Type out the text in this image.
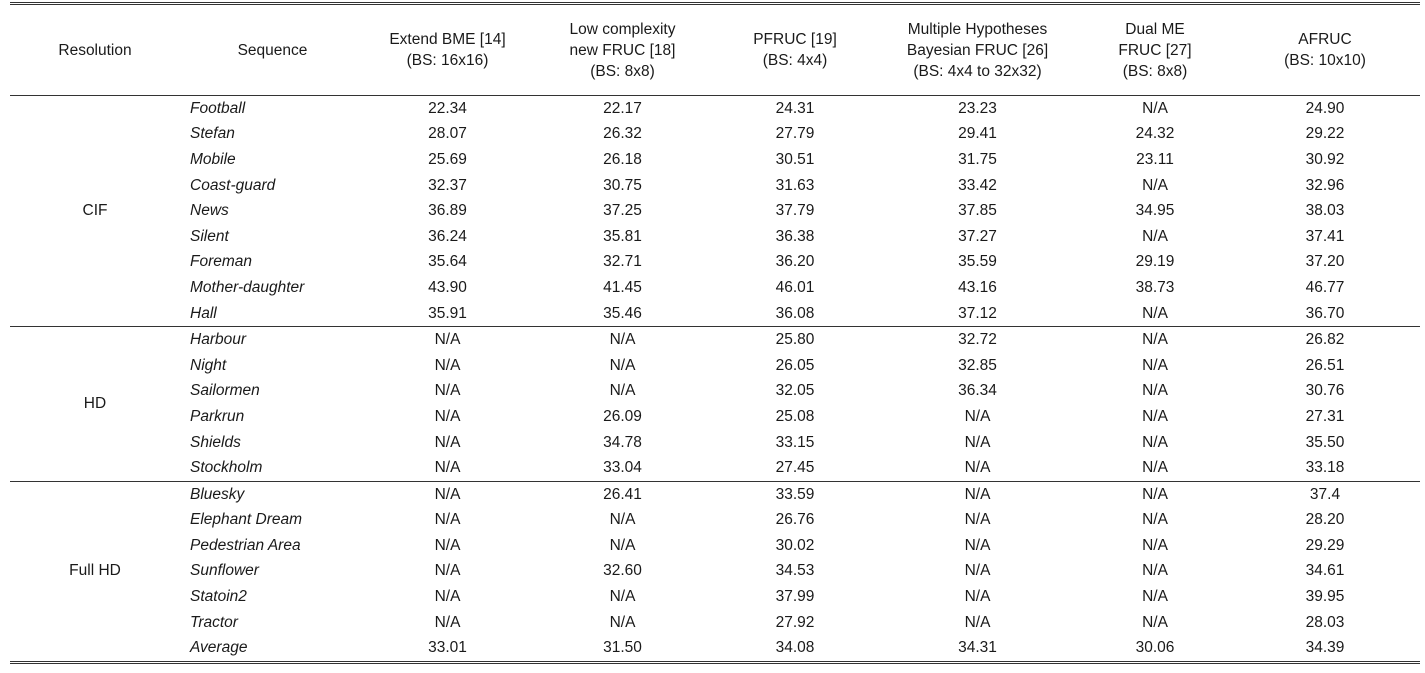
Resolution	Sequence	Extend BME [14]
(BS: 16x16)	Low complexity
new FRUC [18]
(BS: 8x8)	PFRUC [19]
(BS: 4x4)	Multiple Hypotheses
Bayesian FRUC [26]
(BS: 4x4 to 32x32)	Dual ME
FRUC [27]
(BS: 8x8)	AFRUC
(BS: 10x10)

CIF	Football	22.34	22.17	24.31	23.23	N/A	24.90
	Stefan	28.07	26.32	27.79	29.41	24.32	29.22
	Mobile	25.69	26.18	30.51	31.75	23.11	30.92
	Coast-guard	32.37	30.75	31.63	33.42	N/A	32.96
	News	36.89	37.25	37.79	37.85	34.95	38.03
	Silent	36.24	35.81	36.38	37.27	N/A	37.41
	Foreman	35.64	32.71	36.20	35.59	29.19	37.20
	Mother-daughter	43.90	41.45	46.01	43.16	38.73	46.77
	Hall	35.91	35.46	36.08	37.12	N/A	36.70
HD	Harbour	N/A	N/A	25.80	32.72	N/A	26.82
	Night	N/A	N/A	26.05	32.85	N/A	26.51
	Sailormen	N/A	N/A	32.05	36.34	N/A	30.76
	Parkrun	N/A	26.09	25.08	N/A	N/A	27.31
	Shields	N/A	34.78	33.15	N/A	N/A	35.50
	Stockholm	N/A	33.04	27.45	N/A	N/A	33.18
Full HD	Bluesky	N/A	26.41	33.59	N/A	N/A	37.4
	Elephant Dream	N/A	N/A	26.76	N/A	N/A	28.20
	Pedestrian Area	N/A	N/A	30.02	N/A	N/A	29.29
	Sunflower	N/A	32.60	34.53	N/A	N/A	34.61
	Statoin2	N/A	N/A	37.99	N/A	N/A	39.95
	Tractor	N/A	N/A	27.92	N/A	N/A	28.03
	Average	33.01	31.50	34.08	34.31	30.06	34.39
